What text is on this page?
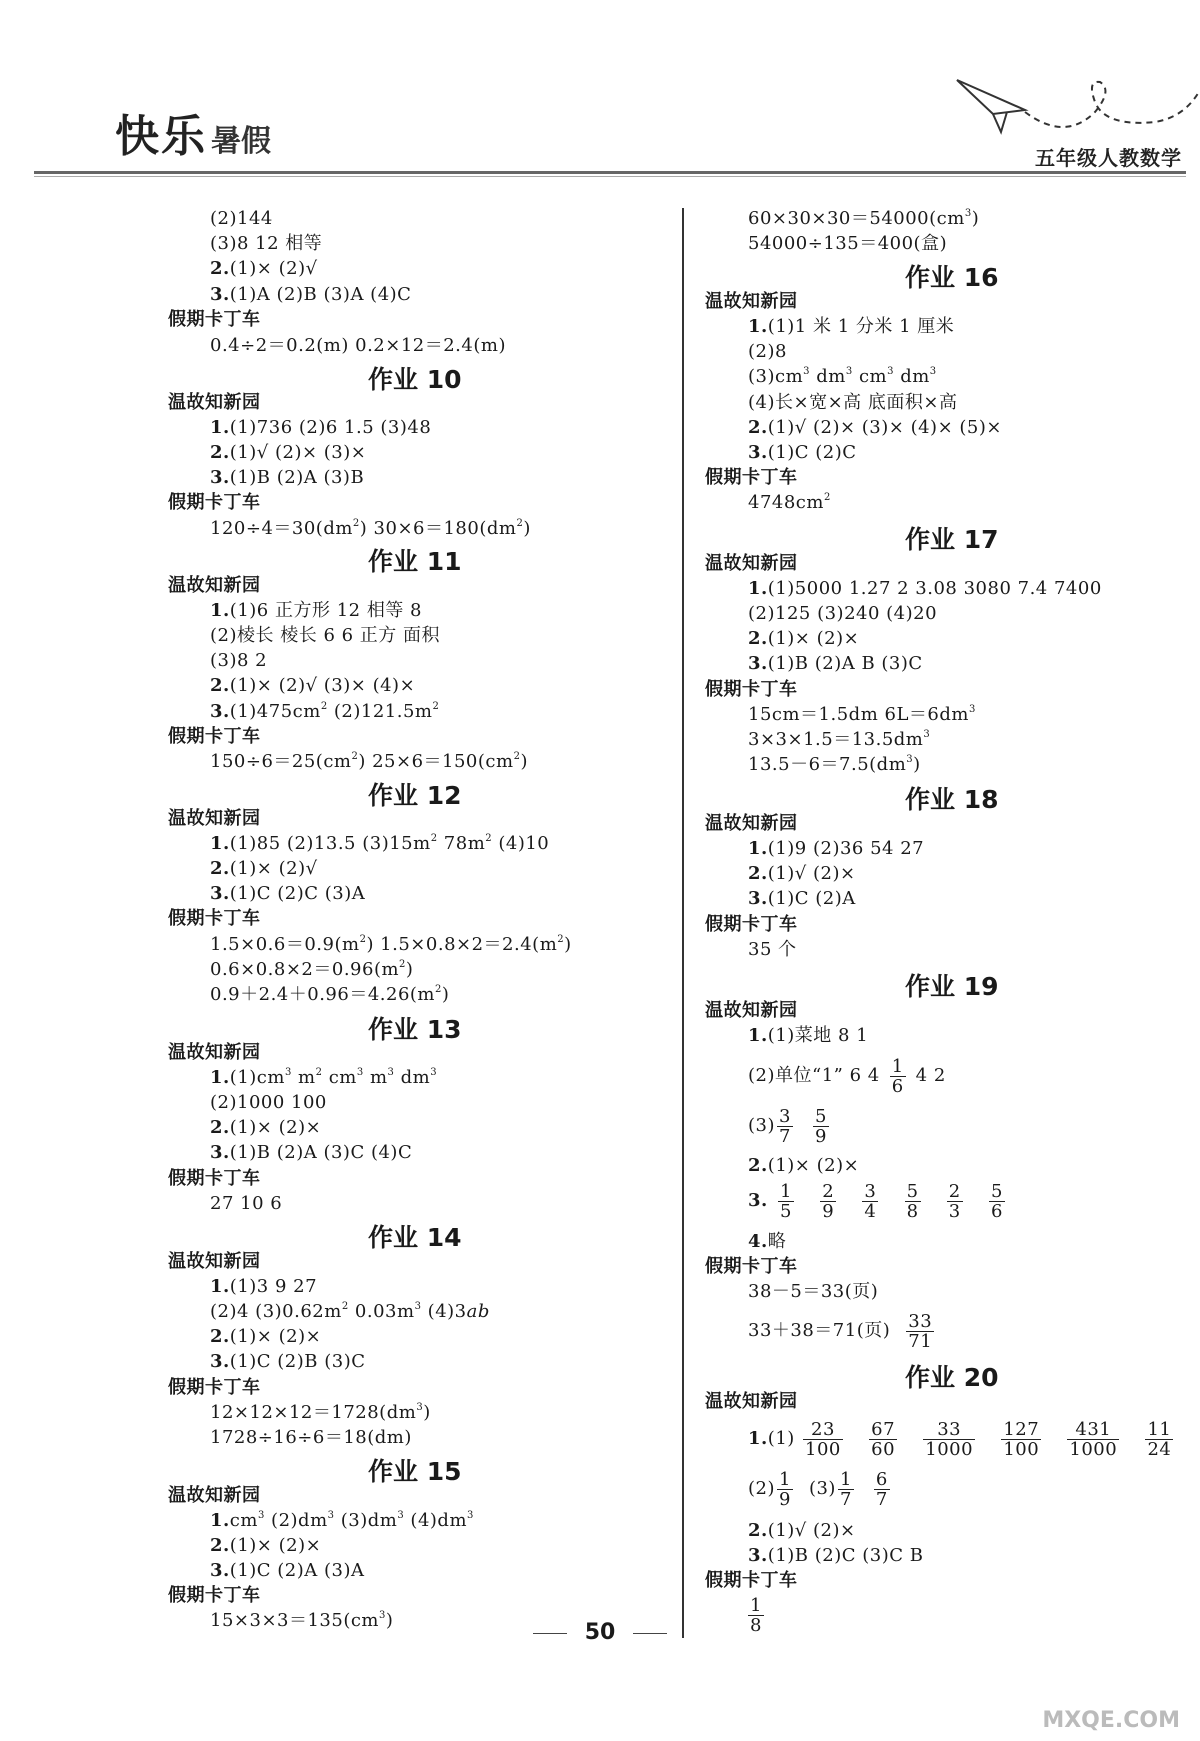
快乐 暑假	五年级人教数学
(2)144
(3)8 12 相等
2.(1)× (2)√
3.(1)A (2)B (3)A (4)C
假期卡丁车
0.4÷2＝0.2(m) 0.2×12＝2.4(m)
作业 10
温故知新园
1.(1)736 (2)6 1.5 (3)48
2.(1)√ (2)× (3)×
3.(1)B (2)A (3)B
假期卡丁车
$120\div 4=30(dm^2)$ $30\times 6=180(dm^2)$
作业 11
温故知新园
1.(1)6 正方形 12 相等 8
(2)棱长 棱长 6 6 正方 面积
(3)8 2
2.(1)× (2)√ (3)× (4)×
$3.(1)475cm^2$ $(2)121.5m^2$
假期卡丁车
$150\div 6=25(cm^2)$ $25\times 6=150(cm^2)$
作业 12
温故知新园
1.(1)85 (2)13.5 $(3)15m^2$ $78m^2$ (4)10
2.(1)× (2)√
3.(1)C (2)C (3)A
假期卡丁车
$1.5\times 0.6=0.9(m^2)$ $1.5\times 0.8\times 2=2.4(m^2)$
$0.6\times 0.8\times 2=0.96(m^2)$
$0.9+2.4+0.96=4.26(m^2)$
作业 13
温故知新园
$1.(1)cm^3$ $m^2$ $cm^3$ $m^3$ $dm^3$
(2)1000 100
2.(1)× (2)×
3.(1)B (2)A (3)C (4)C
假期卡丁车
27 10 6
作业 14
温故知新园
1.(1)3 9 27
(2)4 $(3)0.62m^2$ $0.03m^3$ (4)3ab
2.(1)× (2)×
3.(1)C (2)B (3)C
假期卡丁车
$12\times 12\times 12=1728(dm^3)$
1728÷16÷6＝18(dm)
作业 15
温故知新园
$1.cm^3$ $(2)dm^3$ $(3)dm^3$ $(4)dm^3$
2.(1)× (2)×
3.(1)C (2)A (3)A
假期卡丁车
$15\times 3\times 3=135(cm^3)$
$60\times 30\times 30=54000(cm^3)$
54000÷135＝400(盒)
作业 16
温故知新园
1.(1)1 米 1 分米 1 厘米
(2)8
$(3)cm^3$ $dm^3$ $cm^3$ $dm^3$
(4)长×宽×高 底面积×高
2.(1)√ (2)× (3)× (4)× (5)×
3.(1)C (2)C
假期卡丁车
$4748cm^2$
作业 17
温故知新园
1.(1)5000 1.27 2 3.08 3080 7.4 7400
(2)125 (3)240 (4)20
2.(1)× (2)×
3.(1)B (2)A B (3)C
假期卡丁车
15cm＝1.5dm $6L=6dm^3$
$3\times 3\times 1.5=13.5dm^3$
$13.5-6=7.5(dm^3)$
作业 18
温故知新园
1.(1)9 (2)36 54 27
2.(1)√ (2)×
3.(1)C (2)A
假期卡丁车
35 个
作业 19
温故知新园
1.(1)菜地 8 1
(2)单位“1” 6 $4 \frac{1}{6} 4$ 2
$(3) \frac{3}{7} \frac{5}{9}$
2.(1)× (2)×
3. $\frac{1}{5}$
$\frac{2}{9}$
$\frac{3}{4}$
$\frac{5}{8}$
$\frac{2}{3}$
$\frac{5}{6}$
4.略
假期卡丁车
38－5＝33(页)
33＋38＝71(页) $\frac{33}{71}$
作业 20
温故知新园
$1.(1) \frac{23}{100}$
$\frac{67}{60}$
$\frac{33}{1000}$
$\frac{127}{100}$
$\frac{431}{1000}$
$\frac{11}{24}$
$(2) \frac{1}{9} (3) \frac{1}{7} \frac{6}{7}$
2.(1)√ (2)×
3.(1)B (2)C (3)C B
假期卡丁车
$\frac{1}{8}$
50
MXQE.COM
